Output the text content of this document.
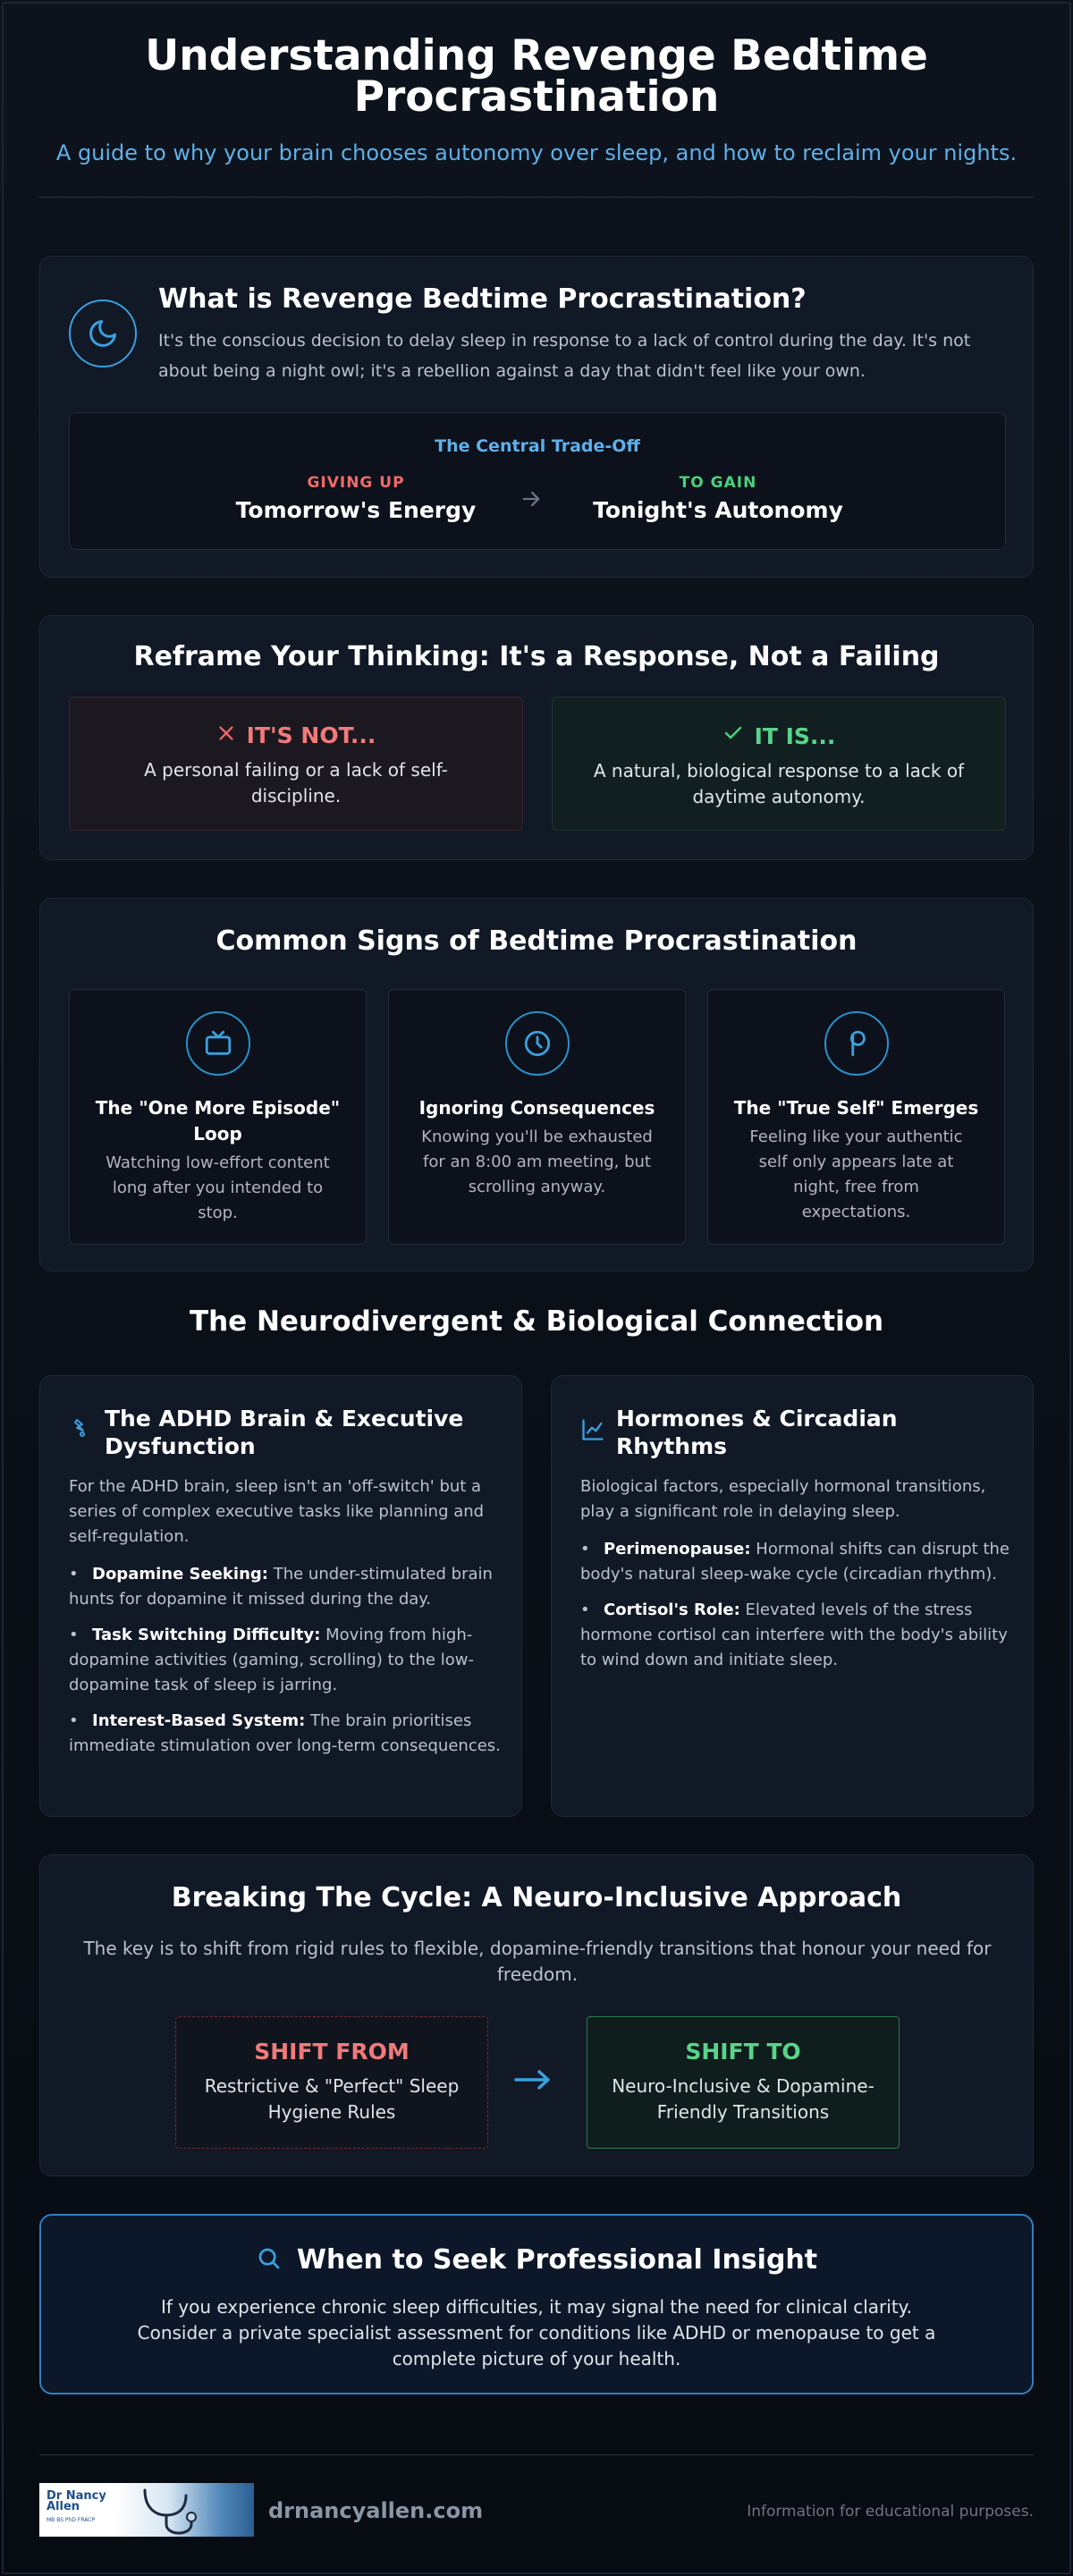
Understanding Revenge Bedtime Procrastination
A guide to why your brain chooses autonomy over sleep, and how to reclaim your nights.
What is Revenge Bedtime Procrastination?
It's the conscious decision to delay sleep in response to a lack of control during the day. It's not about being a night owl; it's a rebellion against a day that didn't feel like your own.
The Central Trade-Off
GIVING UP
Tomorrow's Energy
TO GAIN
Tonight's Autonomy
Reframe Your Thinking: It's a Response, Not a Failing
IT'S NOT...
A personal failing or a lack of self-discipline.
IT IS...
A natural, biological response to a lack of daytime autonomy.
Common Signs of Bedtime Procrastination
The "One More Episode" Loop
Watching low-effort content long after you intended to stop.
Ignoring Consequences
Knowing you'll be exhausted for an 8:00 am meeting, but scrolling anyway.
The "True Self" Emerges
Feeling like your authentic self only appears late at night, free from expectations.
The Neurodivergent & Biological Connection
The ADHD Brain & Executive Dysfunction
For the ADHD brain, sleep isn't an 'off-switch' but a series of complex executive tasks like planning and self-regulation.
• Dopamine Seeking: The under-stimulated brain hunts for dopamine it missed during the day.
• Task Switching Difficulty: Moving from high-dopamine activities (gaming, scrolling) to the low-dopamine task of sleep is jarring.
• Interest-Based System: The brain prioritises immediate stimulation over long-term consequences.
Hormones & Circadian Rhythms
Biological factors, especially hormonal transitions, play a significant role in delaying sleep.
• Perimenopause: Hormonal shifts can disrupt the body's natural sleep-wake cycle (circadian rhythm).
• Cortisol's Role: Elevated levels of the stress hormone cortisol can interfere with the body's ability to wind down and initiate sleep.
Breaking The Cycle: A Neuro-Inclusive Approach
The key is to shift from rigid rules to flexible, dopamine-friendly transitions that honour your need for freedom.
SHIFT FROM
Restrictive & "Perfect" Sleep Hygiene Rules
SHIFT TO
Neuro-Inclusive & Dopamine-Friendly Transitions
When to Seek Professional Insight
If you experience chronic sleep difficulties, it may signal the need for clinical clarity. Consider a private specialist assessment for conditions like ADHD or menopause to get a complete picture of your health.
Dr Nancy
Allen
MB BS PhD FRACP	drnancyallen.com	Information for educational purposes.
